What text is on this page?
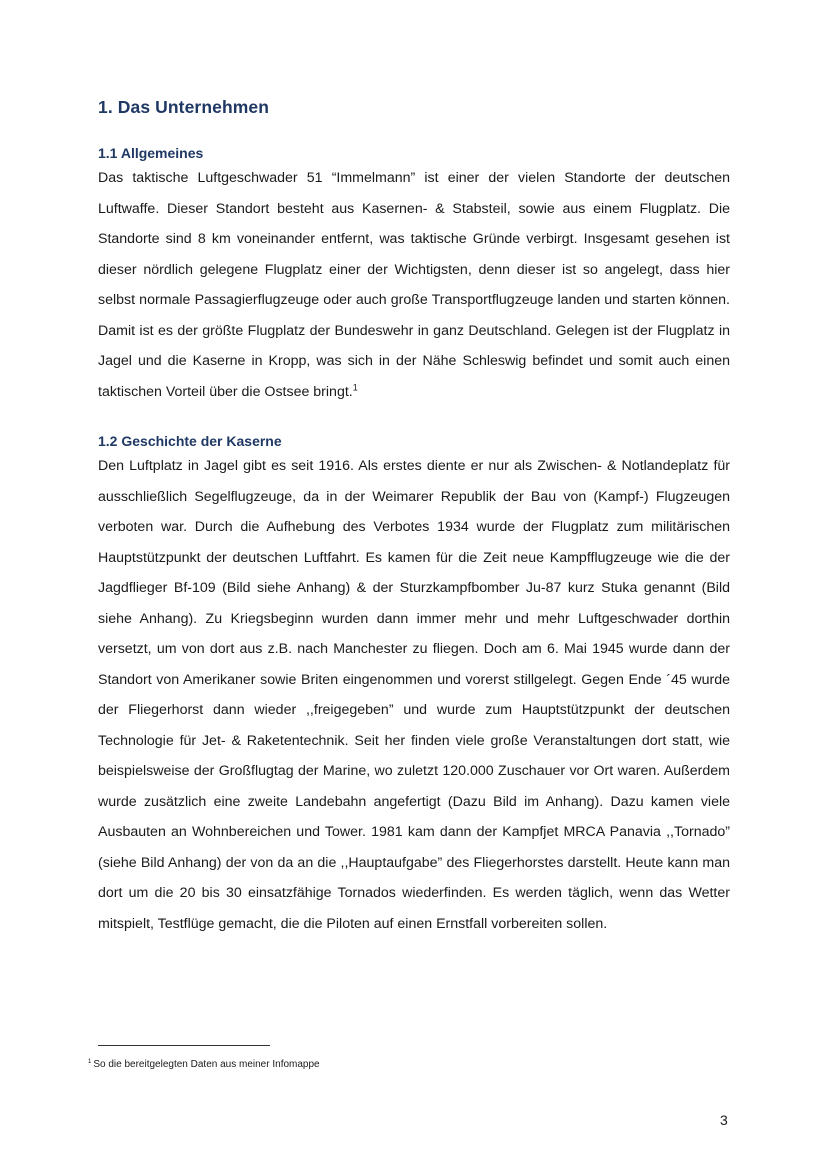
1. Das Unternehmen
1.1 Allgemeines

Das taktische Luftgeschwader 51 “Immelmann” ist einer der vielen Standorte der deutschen Luftwaffe. Dieser Standort besteht aus Kasernen- & Stabsteil, sowie aus einem Flugplatz. Die Standorte sind 8 km voneinander entfernt, was taktische Gründe verbirgt. Insgesamt gesehen ist dieser nördlich gelegene Flugplatz einer der Wichtigsten, denn dieser ist so angelegt, dass hier selbst normale Passagierflugzeuge oder auch große Transportflugzeuge landen und starten können. Damit ist es der größte Flugplatz der Bundeswehr in ganz Deutschland. Gelegen ist der Flugplatz in Jagel und die Kaserne in Kropp, was sich in der Nähe Schleswig befindet und somit auch einen taktischen Vorteil über die Ostsee bringt.$^1$

1.2 Geschichte der Kaserne

Den Luftplatz in Jagel gibt es seit 1916. Als erstes diente er nur als Zwischen- & Notlandeplatz für ausschließlich Segelflugzeuge, da in der Weimarer Republik der Bau von (Kampf-) Flugzeugen verboten war. Durch die Aufhebung des Verbotes 1934 wurde der Flugplatz zum militärischen Hauptstützpunkt der deutschen Luftfahrt. Es kamen für die Zeit neue Kampfflugzeuge wie die der Jagdflieger Bf-109 (Bild siehe Anhang) & der Sturzkampfbomber Ju-87 kurz Stuka genannt (Bild siehe Anhang). Zu Kriegsbeginn wurden dann immer mehr und mehr Luftgeschwader dorthin versetzt, um von dort aus z.B. nach Manchester zu fliegen. Doch am 6. Mai 1945 wurde dann der Standort von Amerikaner sowie Briten eingenommen und vorerst stillgelegt. Gegen Ende ´45 wurde der Fliegerhorst dann wieder ,,freigegeben” und wurde zum Hauptstützpunkt der deutschen Technologie für Jet- & Raketentechnik. Seit her finden viele große Veranstaltungen dort statt, wie beispielsweise der Großflugtag der Marine, wo zuletzt 120.000 Zuschauer vor Ort waren. Außerdem wurde zusätzlich eine zweite Landebahn angefertigt (Dazu Bild im Anhang). Dazu kamen viele Ausbauten an Wohnbereichen und Tower. 1981 kam dann der Kampfjet MRCA Panavia ,,Tornado” (siehe Bild Anhang) der von da an die ,,Hauptaufgabe” des Fliegerhorstes darstellt. Heute kann man dort um die 20 bis 30 einsatzfähige Tornados wiederfinden. Es werden täglich, wenn das Wetter mitspielt, Testflüge gemacht, die die Piloten auf einen Ernstfall vorbereiten sollen.

$^1$ So die bereitgelegten Daten aus meiner Infomappe
3
